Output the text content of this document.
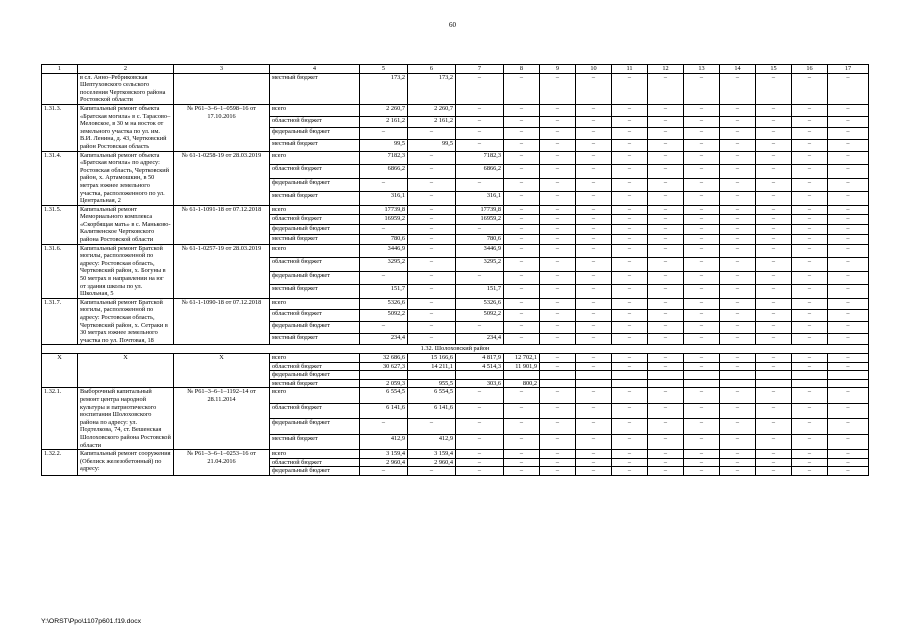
60
1	2	3	4	5	6	7	8	9	10	11	12	13	14	15	16	17
	в сл. Анно–Ребриковская Шептуховского сельского поселения Чертковского района Ростовской области		местный бюджет	173,2	173,2	–	–	–	–	–	–	–	–	–	–	–
1.31.3.	Капитальный ремонт объекта «Братская могила» в с. Тарасово–Меловское, в 30 м на восток от земельного участка по ул. им. В.И. Ленина, д. 43, Чертковский район Ростовская область	№ Р61–3–6–1–0598–16 от 17.10.2016	всего	2 260,7	2 260,7	–	–	–	–	–	–	–	–	–	–	–
			областной бюджет	2 161,2	2 161,2	–	–	–	–	–	–	–	–	–	–	–
			федеральный бюджет	–	–	–	–	–	–	–	–	–	–	–	–	–
			местный бюджет	99,5	99,5	–	–	–	–	–	–	–	–	–	–	–
1.31.4.	Капитальный ремонт объекта «Братская могила» по адресу: Ростовская область, Чертковский район, х. Артамошкин, в 50 метрах южнее земельного участка, расположенного по ул. Центральная, 2	№ 61-1-0258-19 от 28.03.2019	всего	7182,3	–	7182,3	–	–	–	–	–	–	–	–	–	–
			областной бюджет	6866,2	–	6866,2	–	–	–	–	–	–	–	–	–	–
			федеральный бюджет	–	–	–	–	–	–	–	–	–	–	–	–	–
			местный бюджет	316,1	–	316,1	–	–	–	–	–	–	–	–	–	–
1.31.5.	Капитальный ремонт Мемориального комплекса «Скорбящая мать» в с. Маньково-Калитвенское Чертковского района Ростовской области	№ 61-1-1091-18 от 07.12.2018	всего	17739,8	–	17739,8	–	–	–	–	–	–	–	–	–	–
			областной бюджет	16959,2	–	16959,2	–	–	–	–	–	–	–	–	–	–
			федеральный бюджет	–	–	–	–	–	–	–	–	–	–	–	–	–
			местный бюджет	780,6	–	780,6	–	–	–	–	–	–	–	–	–	–
1.31.6.	Капитальный ремонт Братской могилы, расположенной по адресу: Ростовская область, Чертковский район, х. Богуны в 50 метрах в направлении на юг от здания школы по ул. Школьная, 5	№ 61-1-0257-19 от 28.03.2019	всего	3446,9	–	3446,9	–	–	–	–	–	–	–	–	–	–
			областной бюджет	3295,2	–	3295,2	–	–	–	–	–	–	–	–	–	–
			федеральный бюджет	–	–	–	–	–	–	–	–	–	–	–	–	–
			местный бюджет	151,7	–	151,7	–	–	–	–	–	–	–	–	–	–
1.31.7.	Капитальный ремонт Братской могилы, расположенной по адресу: Ростовская область, Чертковский район, х. Сетраки в 30 метрах южнее земельного участка по ул. Почтовая, 18	№ 61-1-1090-18 от 07.12.2018	всего	5326,6	–	5326,6	–	–	–	–	–	–	–	–	–	–
			областной бюджет	5092,2	–	5092,2	–	–	–	–	–	–	–	–	–	–
			федеральный бюджет	–	–	–	–	–	–	–	–	–	–	–	–	–
			местный бюджет	234,4	–	234,4	–	–	–	–	–	–	–	–	–	–
1.32. Шолоховский район																
Х	Х	Х	всего	32 686,6	15 166,6	4 817,9	12 702,1	–	–	–	–	–	–	–	–	–
			областной бюджет	30 627,3	14 211,1	4 514,3	11 901,9	–	–	–	–	–	–	–	–	–
			федеральный бюджет													
			местный бюджет	2 059,3	955,5	303,6	800,2									
1.32.1.	Выборочный капитальный ремонт центра народной культуры и патриотического воспитания Шолоховского района по адресу: ул. Подтелкова, 74, ст. Вешенская Шолоховского района Ростовской области	№ Р61–3–6–1–1192–14 от 28.11.2014	всего	6 554,5	6 554,5	–	–	–	–	–	–	–	–	–	–	–
			областной бюджет	6 141,6	6 141,6	–	–	–	–	–	–	–	–	–	–	–
			федеральный бюджет	–	–	–	–	–	–	–	–	–	–	–	–	–
			местный бюджет	412,9	412,9	–	–	–	–	–	–	–	–	–	–	–
1.32.2.	Капитальный ремонт сооружения (Обелиск железобетонный) по адресу:	№ Р61–3–6–1–0253–16 от 21.04.2016	всего	3 159,4	3 159,4	–	–	–	–	–	–	–	–	–	–	–
			областной бюджет	2 960,4	2 960,4	–	–	–	–	–	–	–	–	–	–	–
			федеральный бюджет	–	–	–	–	–	–	–	–	–	–	–	–	–
Y:\ORST\Ppo\1107p601.f19.docx
